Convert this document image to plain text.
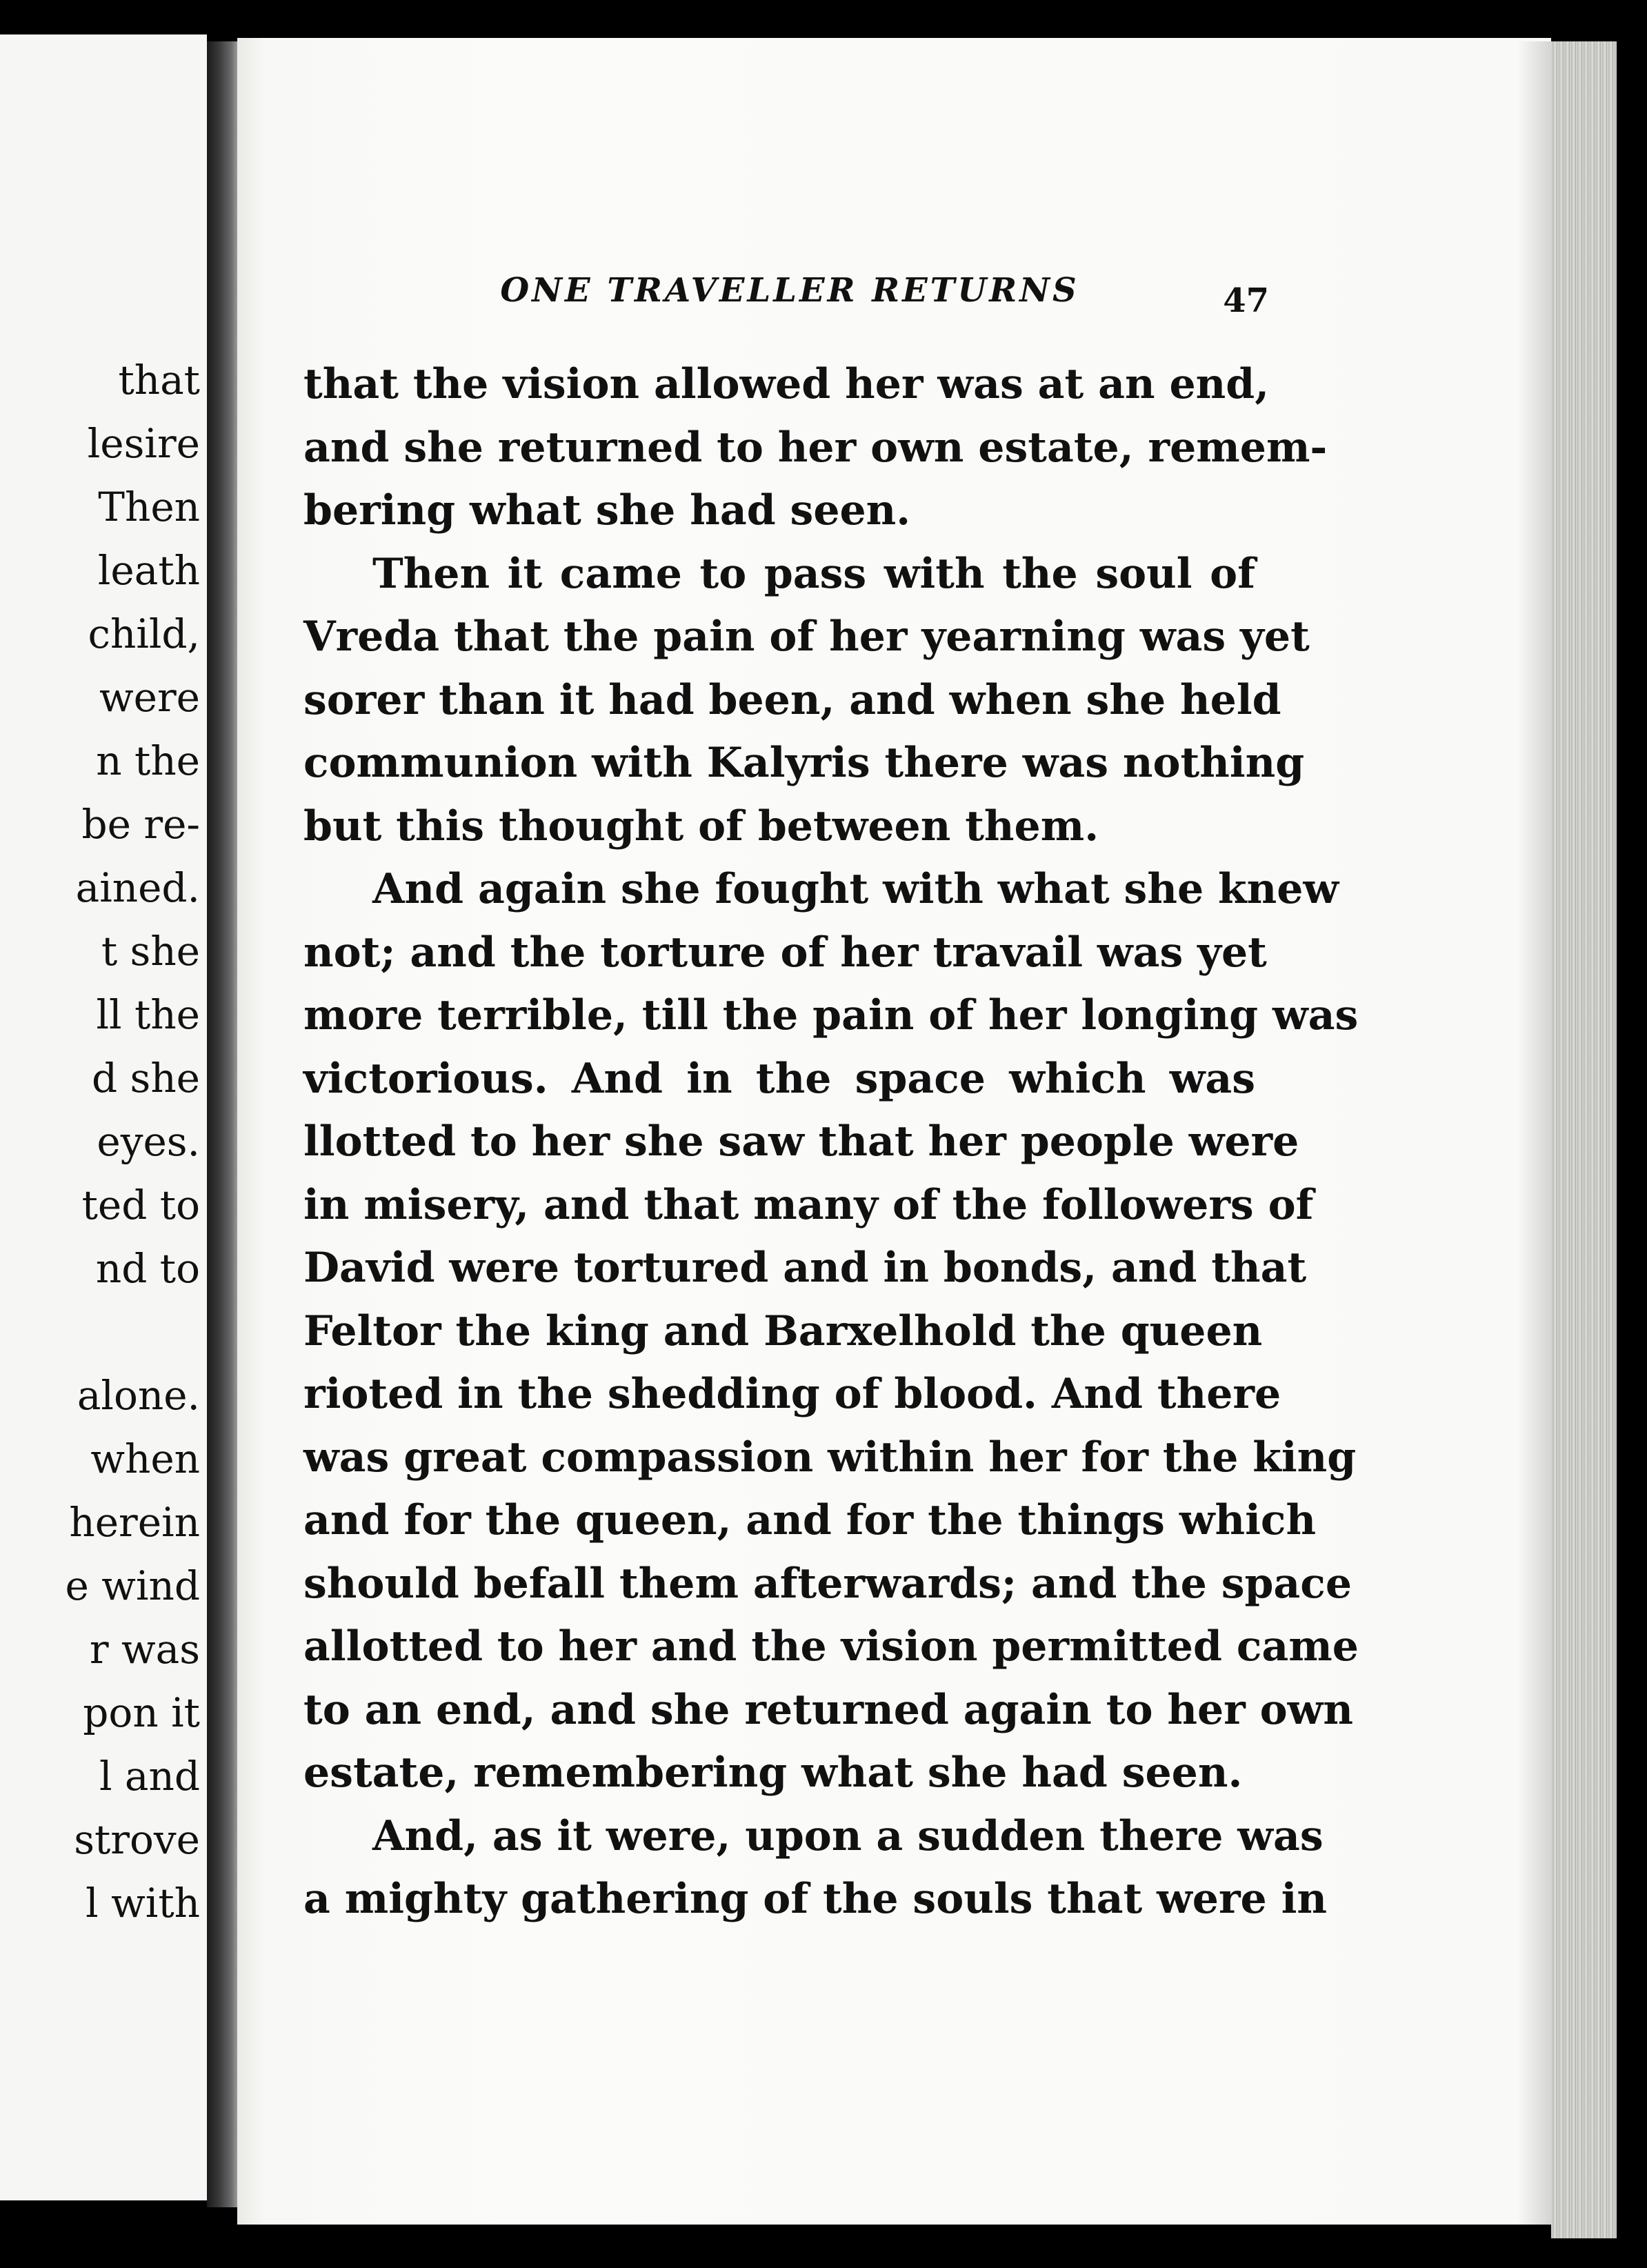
that
lesire
Then
leath
child,
were
n the
be re-
ained.
t she
ll the
d she
eyes.
ted to
nd to
alone.
when
herein
e wind
r was
pon it
l and
strove
l with
ONE TRAVELLER RETURNS	47
that the vision allowed her was at an end,
and she returned to her own estate, remem-
bering what she had seen.
Then it came to pass with the soul of
Vreda that the pain of her yearning was yet
sorer than it had been, and when she held
communion with Kalyris there was nothing
but this thought of between them.
And again she fought with what she knew
not; and the torture of her travail was yet
more terrible, till the pain of her longing was
victorious. And in the space which was
llotted to her she saw that her people were
in misery, and that many of the followers of
David were tortured and in bonds, and that
Feltor the king and Barxelhold the queen
rioted in the shedding of blood. And there
was great compassion within her for the king
and for the queen, and for the things which
should befall them afterwards; and the space
allotted to her and the vision permitted came
to an end, and she returned again to her own
estate, remembering what she had seen.
And, as it were, upon a sudden there was
a mighty gathering of the souls that were in
